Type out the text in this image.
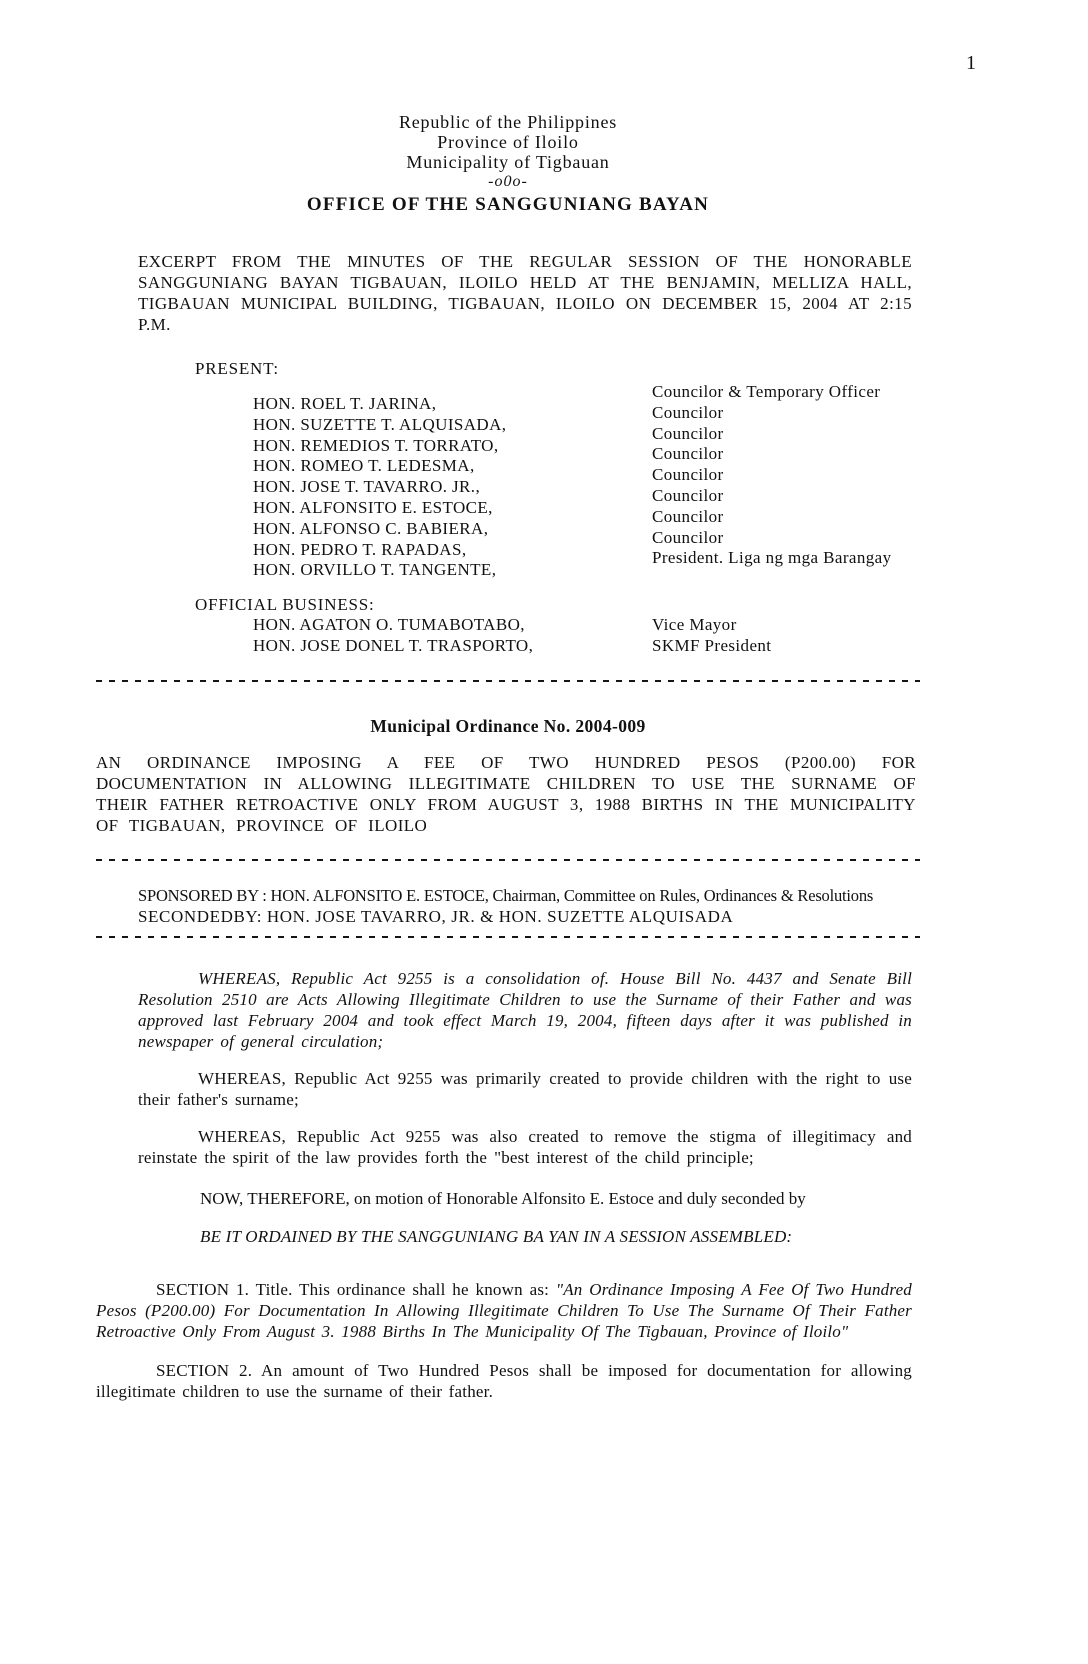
1
Republic of the Philippines
Province of Iloilo
Municipality of Tigbauan
-o0o-
OFFICE OF THE SANGGUNIANG BAYAN

EXCERPT FROM THE MINUTES OF THE REGULAR SESSION OF THE HONORABLE SANGGUNIANG BAYAN TIGBAUAN, ILOILO HELD AT THE BENJAMIN, MELLIZA HALL, TIGBAUAN MUNICIPAL BUILDING, TIGBAUAN, ILOILO ON DECEMBER 15, 2004 AT 2:15 P.M.

PRESENT:
HON. ROEL T. JARINA,
Councilor & Temporary Officer
HON. SUZETTE T. ALQUISADA,
Councilor
HON. REMEDIOS T. TORRATO,
Councilor
HON. ROMEO T. LEDESMA,
Councilor
HON. JOSE T. TAVARRO. JR.,
Councilor
HON. ALFONSITO E. ESTOCE,
Councilor
HON. ALFONSO C. BABIERA,
Councilor
HON. PEDRO T. RAPADAS,
Councilor
HON. ORVILLO T. TANGENTE,
President. Liga ng mga Barangay
OFFICIAL BUSINESS:
HON. AGATON O. TUMABOTABO,	Vice Mayor
HON. JOSE DONEL T. TRASPORTO,	SKMF President
Municipal Ordinance No. 2004-009

AN ORDINANCE IMPOSING A FEE OF TWO HUNDRED PESOS (P200.00) FOR DOCUMENTATION IN ALLOWING ILLEGITIMATE CHILDREN TO USE THE SURNAME OF THEIR FATHER RETROACTIVE ONLY FROM AUGUST 3, 1988 BIRTHS IN THE MUNICIPALITY OF TIGBAUAN, PROVINCE OF ILOILO

SPONSORED BY : HON. ALFONSITO E. ESTOCE, Chairman, Committee on Rules, Ordinances & Resolutions
SECONDEDBY: HON. JOSE TAVARRO, JR. & HON. SUZETTE ALQUISADA

WHEREAS, Republic Act 9255 is a consolidation of. House Bill No. 4437 and Senate Bill Resolution 2510 are Acts Allowing Illegitimate Children to use the Surname of their Father and was approved last February 2004 and took effect March 19, 2004, fifteen days after it was published in newspaper of general circulation;

WHEREAS, Republic Act 9255 was primarily created to provide children with the right to use their father's surname;

WHEREAS, Republic Act 9255 was also created to remove the stigma of illegitimacy and reinstate the spirit of the law provides forth the "best interest of the child principle;

NOW, THEREFORE, on motion of Honorable Alfonsito E. Estoce and duly seconded by
BE IT ORDAINED BY THE SANGGUNIANG BA YAN IN A SESSION ASSEMBLED:

SECTION 1. Title. This ordinance shall he known as: "An Ordinance Imposing A Fee Of Two Hundred Pesos (P200.00) For Documentation In Allowing Illegitimate Children To Use The Surname Of Their Father Retroactive Only From August 3. 1988 Births In The Municipality Of The Tigbauan, Province of Iloilo"

SECTION 2. An amount of Two Hundred Pesos shall be imposed for documentation for allowing illegitimate children to use the surname of their father.
